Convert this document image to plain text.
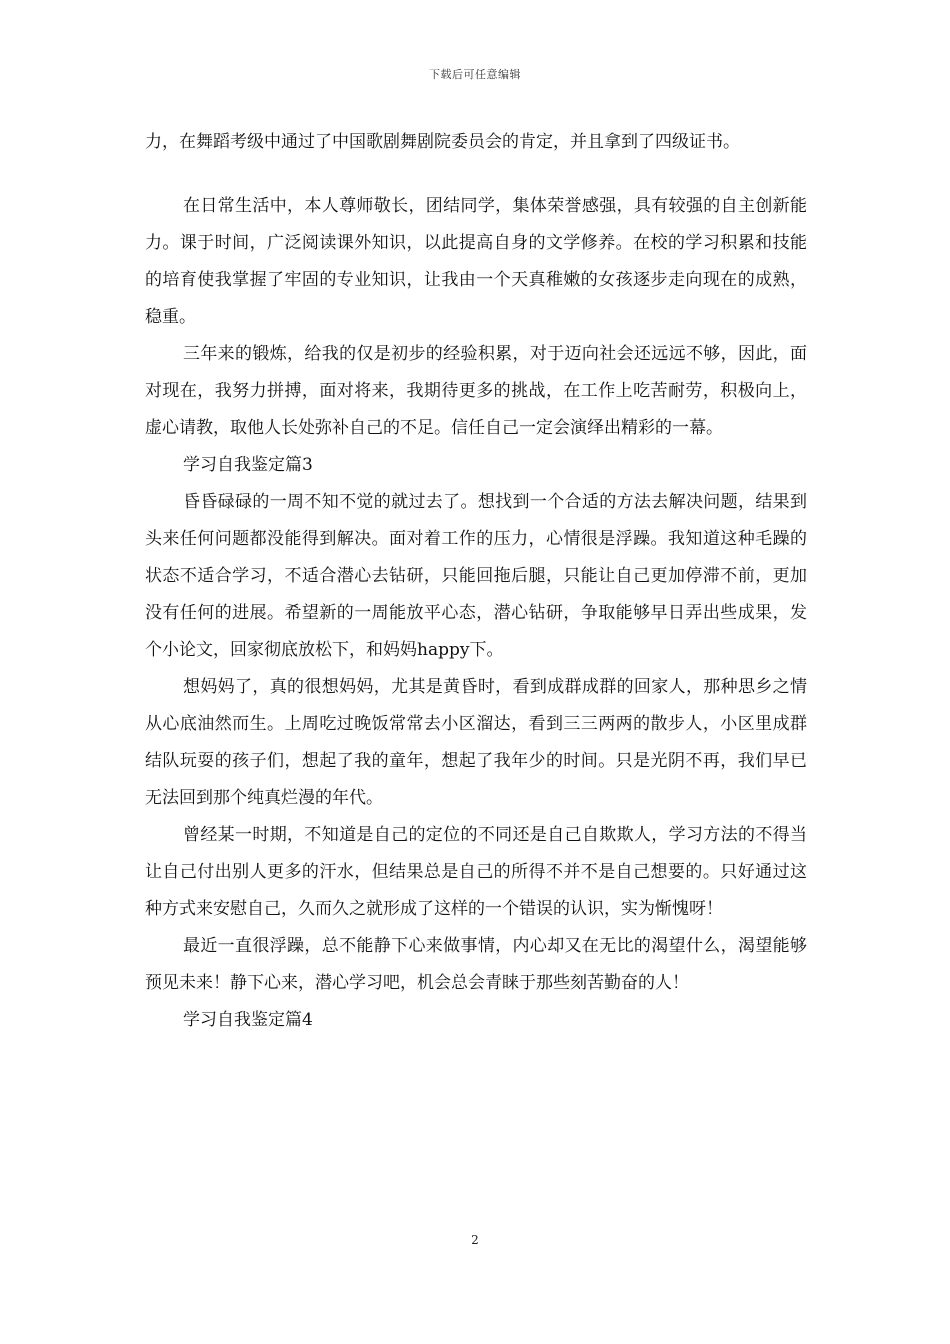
下载后可任意编辑

力，在舞蹈考级中通过了中国歌剧舞剧院委员会的肯定，并且拿到了四级证书。

在日常生活中，本人尊师敬长，团结同学，集体荣誉感强，具有较强的自主创新能力。课于时间，广泛阅读课外知识，以此提高自身的文学修养。在校的学习积累和技能的培育使我掌握了牢固的专业知识，让我由一个天真稚嫩的女孩逐步走向现在的成熟，稳重。

三年来的锻炼，给我的仅是初步的经验积累，对于迈向社会还远远不够，因此，面对现在，我努力拼搏，面对将来，我期待更多的挑战，在工作上吃苦耐劳，积极向上，虚心请教，取他人长处弥补自己的不足。信任自己一定会演绎出精彩的一幕。

学习自我鉴定篇3

昏昏碌碌的一周不知不觉的就过去了。想找到一个合适的方法去解决问题，结果到头来任何问题都没能得到解决。面对着工作的压力，心情很是浮躁。我知道这种毛躁的状态不适合学习，不适合潜心去钻研，只能回拖后腿，只能让自己更加停滞不前，更加没有任何的进展。希望新的一周能放平心态，潜心钻研，争取能够早日弄出些成果，发个小论文，回家彻底放松下，和妈妈happy下。

想妈妈了，真的很想妈妈，尤其是黄昏时，看到成群成群的回家人，那种思乡之情从心底油然而生。上周吃过晚饭常常去小区溜达，看到三三两两的散步人，小区里成群结队玩耍的孩子们，想起了我的童年，想起了我年少的时间。只是光阴不再，我们早已无法回到那个纯真烂漫的年代。

曾经某一时期，不知道是自己的定位的不同还是自己自欺欺人，学习方法的不得当让自己付出别人更多的汗水，但结果总是自己的所得不并不是自己想要的。只好通过这种方式来安慰自己，久而久之就形成了这样的一个错误的认识，实为惭愧呀！

最近一直很浮躁，总不能静下心来做事情，内心却又在无比的渴望什么，渴望能够预见未来！静下心来，潜心学习吧，机会总会青睐于那些刻苦勤奋的人！

学习自我鉴定篇4

2
